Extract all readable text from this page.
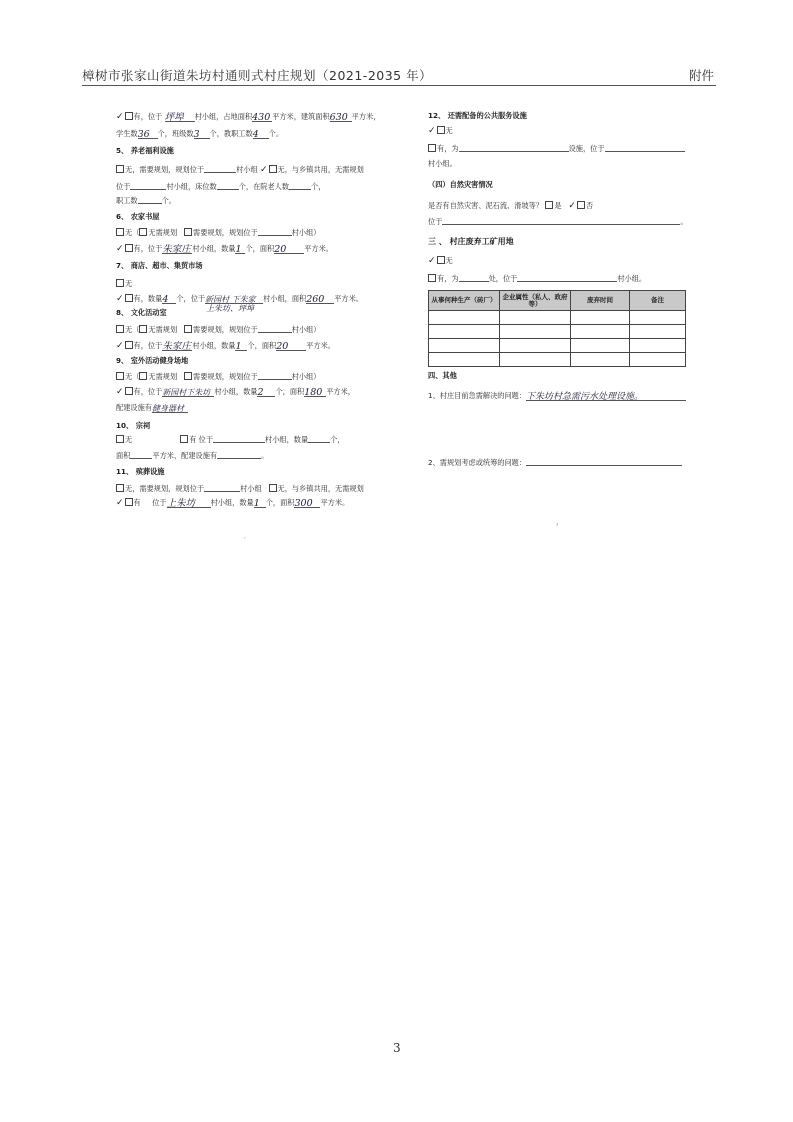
樟树市张家山街道朱坊村通则式村庄规划（2021-2035 年）	附件
✓ 有，位于 坪埠 村小组，占地面积430 平方米，建筑面积630 平方米，
学生数36 个，班级数3 个，教职工数4 个。
5、 养老福利设施
无，需要规划，规划位于	村小组 ✓ 无，与乡镇共用，无需规划
位于	村小组，床位数	个，在院老人数	个，
职工数	个。
6、 农家书屋
无（ 无需规划 需要规划，规划位于	村小组）
✓ 有，位于朱家庄村小组，数量1 个，面积20 平方米。
7、 商店、超市、集贸市场
无
✓ 有，数量4 个，位于新园村 下朱家 村小组，面积260 平方米。
上朱坊、坪埠
8、 文化活动室
无（ 无需规划 需要规划，规划位于	村小组）
✓ 有，位于朱家庄村小组，数量1 个，面积20 平方米。
9、 室外活动健身场地
无（ 无需规划 需要规划，规划位于	村小组）
✓ 有，位于新园村下朱坊 村小组，数量2 个，面积180 平方米，
配建设施有健身器材
10、 宗祠
无	有 位于	村小组，数量	个，
面积	平方米，配建设施有	。
11、 殡葬设施
无，需要规划，规划位于	村小组 无，与乡镇共用，无需规划
✓ 有 位于上朱坊 村小组，数量1 个，面积300 平方米。
12、 还需配备的公共服务设施
✓ 无
有，为	设施，位于
村小组。
（四）自然灾害情况
是否有自然灾害、泥石流、滑坡等？ 是 ✓ 否
位于	。
三 、 村庄废弃工矿用地
✓ 无
有，为	处，位于	村小组。
从事何种生产（砖厂）	企业属性（私人、政府等）	废弃时间	备注

四、其他
1、村庄目前急需解决的问题：下朱坊村急需污水处理设施。
2、需规划考虑或统筹的问题：
ˏ
ˀ
3
